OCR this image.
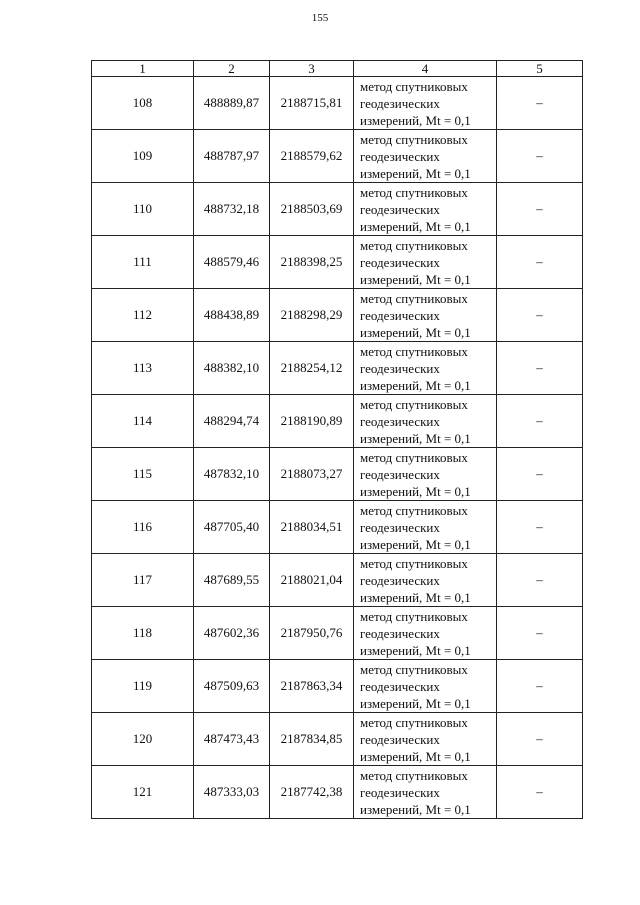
155
1	2	3	4	5
108	488889,87	2188715,81	метод спутниковых
геодезических
измерений, Mt = 0,1	–
109	488787,97	2188579,62	метод спутниковых
геодезических
измерений, Mt = 0,1	–
110	488732,18	2188503,69	метод спутниковых
геодезических
измерений, Mt = 0,1	–
111	488579,46	2188398,25	метод спутниковых
геодезических
измерений, Mt = 0,1	–
112	488438,89	2188298,29	метод спутниковых
геодезических
измерений, Mt = 0,1	–
113	488382,10	2188254,12	метод спутниковых
геодезических
измерений, Mt = 0,1	–
114	488294,74	2188190,89	метод спутниковых
геодезических
измерений, Mt = 0,1	–
115	487832,10	2188073,27	метод спутниковых
геодезических
измерений, Mt = 0,1	–
116	487705,40	2188034,51	метод спутниковых
геодезических
измерений, Mt = 0,1	–
117	487689,55	2188021,04	метод спутниковых
геодезических
измерений, Mt = 0,1	–
118	487602,36	2187950,76	метод спутниковых
геодезических
измерений, Mt = 0,1	–
119	487509,63	2187863,34	метод спутниковых
геодезических
измерений, Mt = 0,1	–
120	487473,43	2187834,85	метод спутниковых
геодезических
измерений, Mt = 0,1	–
121	487333,03	2187742,38	метод спутниковых
геодезических
измерений, Mt = 0,1	–
